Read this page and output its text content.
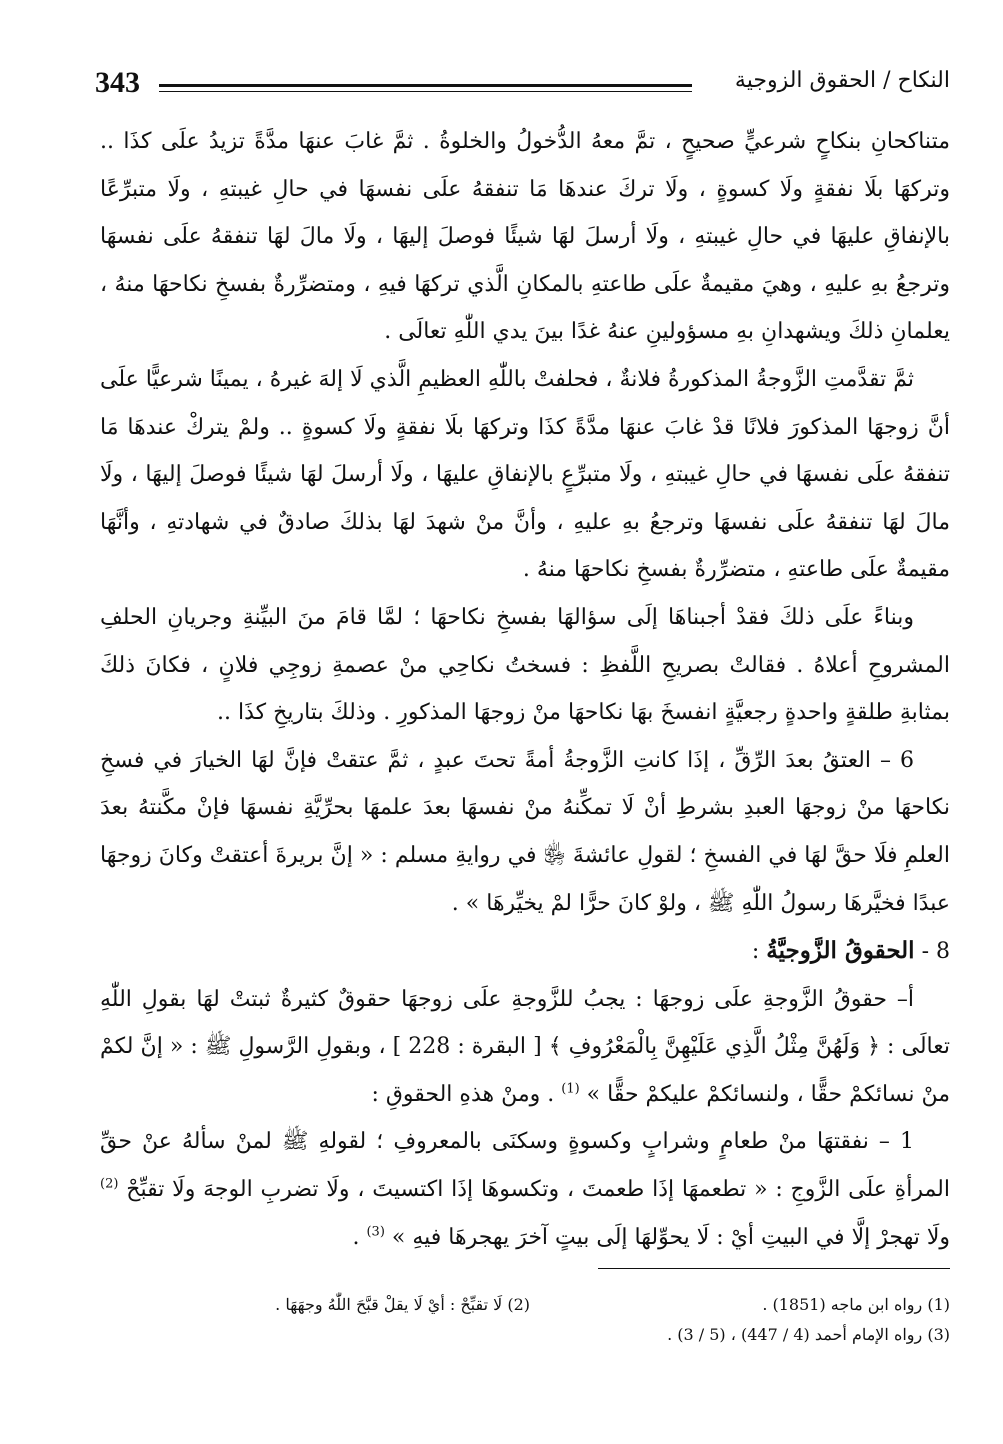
343	النكاح / الحقوق الزوجية

متناكحانِ بنكاحٍ شرعيٍّ صحيحٍ ، تمَّ معهُ الدُّخولُ والخلوةُ . ثمَّ غابَ عنهَا مدَّةً تزيدُ علَى كذَا .. وتركهَا بلَا نفقةٍ ولَا كسوةٍ ، ولَا تركَ عندهَا مَا تنفقهُ علَى نفسهَا في حالِ غيبتهِ ، ولَا متبرِّعًا بالإنفاقِ عليهَا في حالِ غيبتهِ ، ولَا أرسلَ لهَا شيئًا فوصلَ إليهَا ، ولَا مالَ لهَا تنفقهُ علَى نفسهَا وترجعُ بهِ عليهِ ، وهيَ مقيمةٌ علَى طاعتهِ بالمكانِ الَّذي تركهَا فيهِ ، ومتضرِّرةٌ بفسخِ نكاحهَا منهُ ، يعلمانِ ذلكَ ويشهدانِ بهِ مسؤولينِ عنهُ غدًا بينَ يدي اللّٰهِ تعالَى .

ثمَّ تقدَّمتِ الزَّوجةُ المذكورةُ فلانةٌ ، فحلفتْ باللّٰهِ العظيمِ الَّذي لَا إلهَ غيرهُ ، يمينًا شرعيًّا علَى أنَّ زوجهَا المذكورَ فلانًا قدْ غابَ عنهَا مدَّةً كذَا وتركهَا بلَا نفقةٍ ولَا كسوةٍ .. ولمْ يتركْ عندهَا مَا تنفقهُ علَى نفسهَا في حالِ غيبتهِ ، ولَا متبرِّعٍ بالإنفاقِ عليهَا ، ولَا أرسلَ لهَا شيئًا فوصلَ إليهَا ، ولَا مالَ لهَا تنفقهُ علَى نفسهَا وترجعُ بهِ عليهِ ، وأنَّ منْ شهدَ لهَا بذلكَ صادقٌ في شهادتهِ ، وأنَّهَا مقيمةٌ علَى طاعتهِ ، متضرِّرةٌ بفسخِ نكاحهَا منهُ .

وبناءً علَى ذلكَ فقدْ أجبناهَا إلَى سؤالهَا بفسخِ نكاحهَا ؛ لمَّا قامَ منَ البيِّنةِ وجريانِ الحلفِ المشروحِ أعلاهُ . فقالتْ بصريحِ اللَّفظِ : فسختُ نكاحِي منْ عصمةِ زوجِي فلانٍ ، فكانَ ذلكَ بمثابةِ طلقةٍ واحدةٍ رجعيَّةٍ انفسخَ بهَا نكاحهَا منْ زوجهَا المذكورِ . وذلكَ بتاريخِ كذَا ..

6 – العتقُ بعدَ الرِّقِّ ، إذَا كانتِ الزَّوجةُ أمةً تحتَ عبدٍ ، ثمَّ عتقتْ فإنَّ لهَا الخيارَ في فسخِ نكاحهَا منْ زوجهَا العبدِ بشرطِ أنْ لَا تمكِّنهُ منْ نفسهَا بعدَ علمهَا بحرِّيَّةِ نفسهَا فإنْ مكَّنتهُ بعدَ العلمِ فلَا حقَّ لهَا في الفسخِ ؛ لقولِ عائشةَ ﵂ في روايةِ مسلم : « إنَّ بريرةَ أعتقتْ وكانَ زوجهَا عبدًا فخيَّرهَا رسولُ اللّٰهِ ﷺ ، ولوْ كانَ حرًّا لمْ يخيِّرهَا » .

8 - الحقوقُ الزَّوجيَّةُ :

أ– حقوقُ الزَّوجةِ علَى زوجهَا : يجبُ للزَّوجةِ علَى زوجهَا حقوقٌ كثيرةٌ ثبتتْ لهَا بقولِ اللّٰهِ تعالَى : ﴿ وَلَهُنَّ مِثْلُ الَّذِي عَلَيْهِنَّ بِالْمَعْرُوفِ ﴾ [ البقرة : 228 ] ، وبقولِ الرَّسولِ ﷺ : « إنَّ لكمْ منْ نسائكمْ حقًّا ، ولنسائكمْ عليكمْ حقًّا » $^{(1)}$ . ومنْ هذهِ الحقوقِ :

1 – نفقتهَا منْ طعامٍ وشرابٍ وكسوةٍ وسكنَى بالمعروفِ ؛ لقولهِ ﷺ لمنْ سألهُ عنْ حقِّ المرأةِ علَى الزَّوجِ : « تطعمهَا إذَا طعمتَ ، وتكسوهَا إذَا اكتسيتَ ، ولَا تضربِ الوجهَ ولَا تقبِّحْ $^{(2)}$ ولَا تهجرْ إلَّا في البيتِ أيْ : لَا يحوِّلهَا إلَى بيتٍ آخرَ يهجرهَا فيهِ » $^{(3)}$ .

(1) رواه ابن ماجه (1851) .
(2) لَا تقبِّحْ : أيْ لَا يقلْ قبَّحَ اللّٰهُ وجهَهَا .
(3) رواه الإمام أحمد (4 / 447) ، (5 / 3) .
